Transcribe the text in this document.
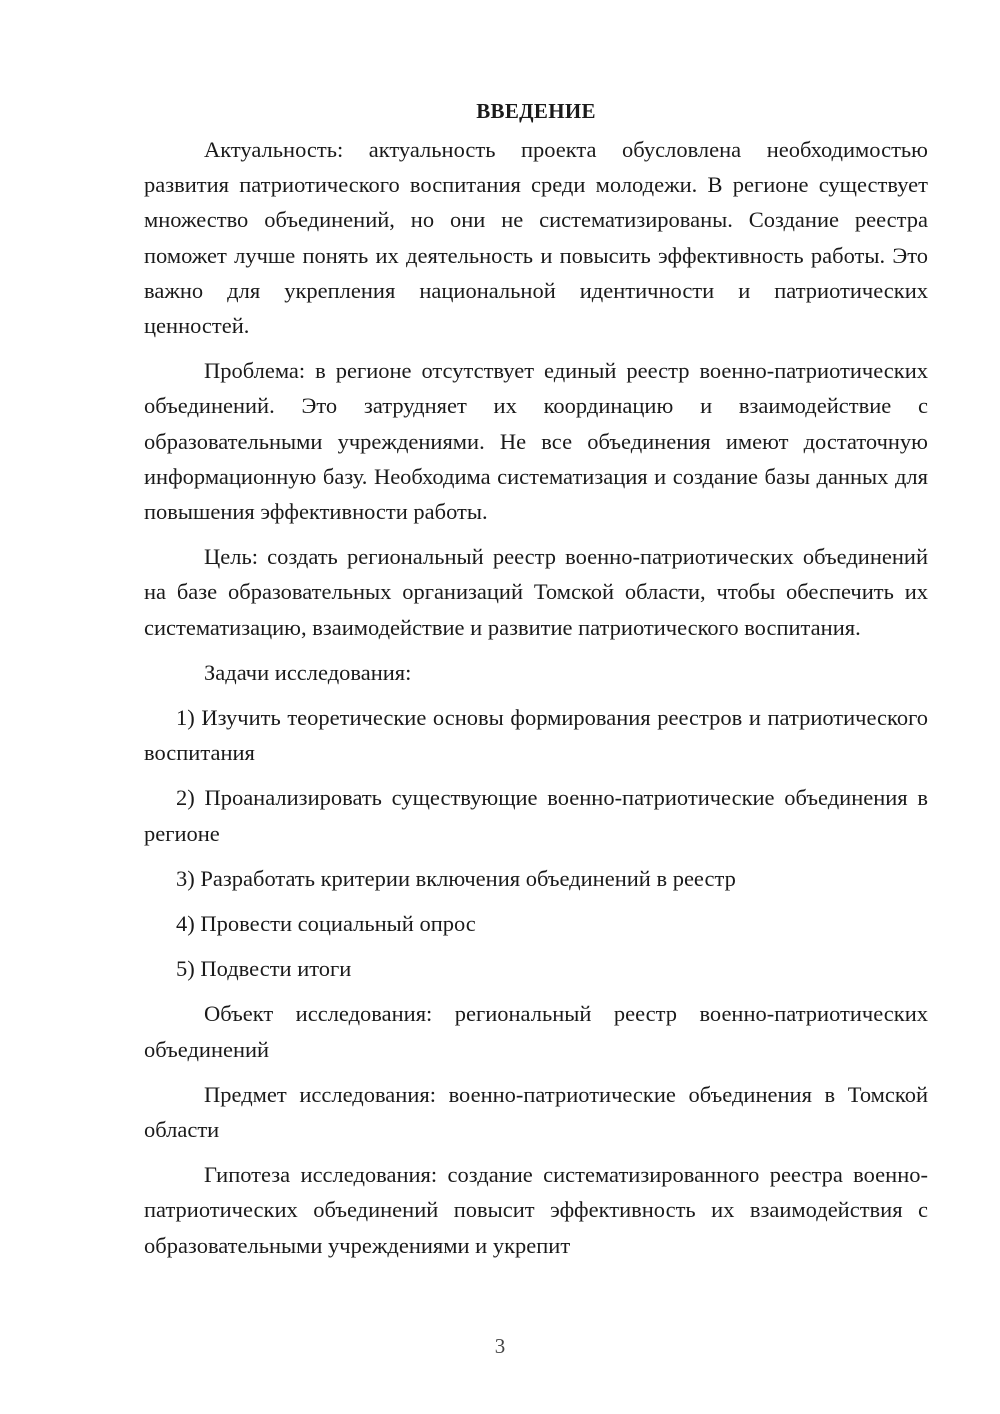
ВВЕДЕНИЕ

Актуальность: актуальность проекта обусловлена необходимостью развития патриотического воспитания среди молодежи. В регионе существует множество объединений, но они не систематизированы. Создание реестра поможет лучше понять их деятельность и повысить эффективность работы. Это важно для укрепления национальной идентичности и патриотических ценностей.

Проблема: в регионе отсутствует единый реестр военно-патриотических объединений. Это затрудняет их координацию и взаимодействие с образовательными учреждениями. Не все объединения имеют достаточную информационную базу. Необходима систематизация и создание базы данных для повышения эффективности работы.

Цель: создать региональный реестр военно-патриотических объединений на базе образовательных организаций Томской области, чтобы обеспечить их систематизацию, взаимодействие и развитие патриотического воспитания.

Задачи исследования:

1) Изучить теоретические основы формирования реестров и патриотического воспитания

2) Проанализировать существующие военно-патриотические объединения в регионе

3) Разработать критерии включения объединений в реестр

4) Провести социальный опрос

5) Подвести итоги

Объект исследования: региональный реестр военно-патриотических объединений

Предмет исследования: военно-патриотические объединения в Томской области

Гипотеза исследования: создание систематизированного реестра военно-патриотических объединений повысит эффективность их взаимодействия с образовательными учреждениями и укрепит

3
